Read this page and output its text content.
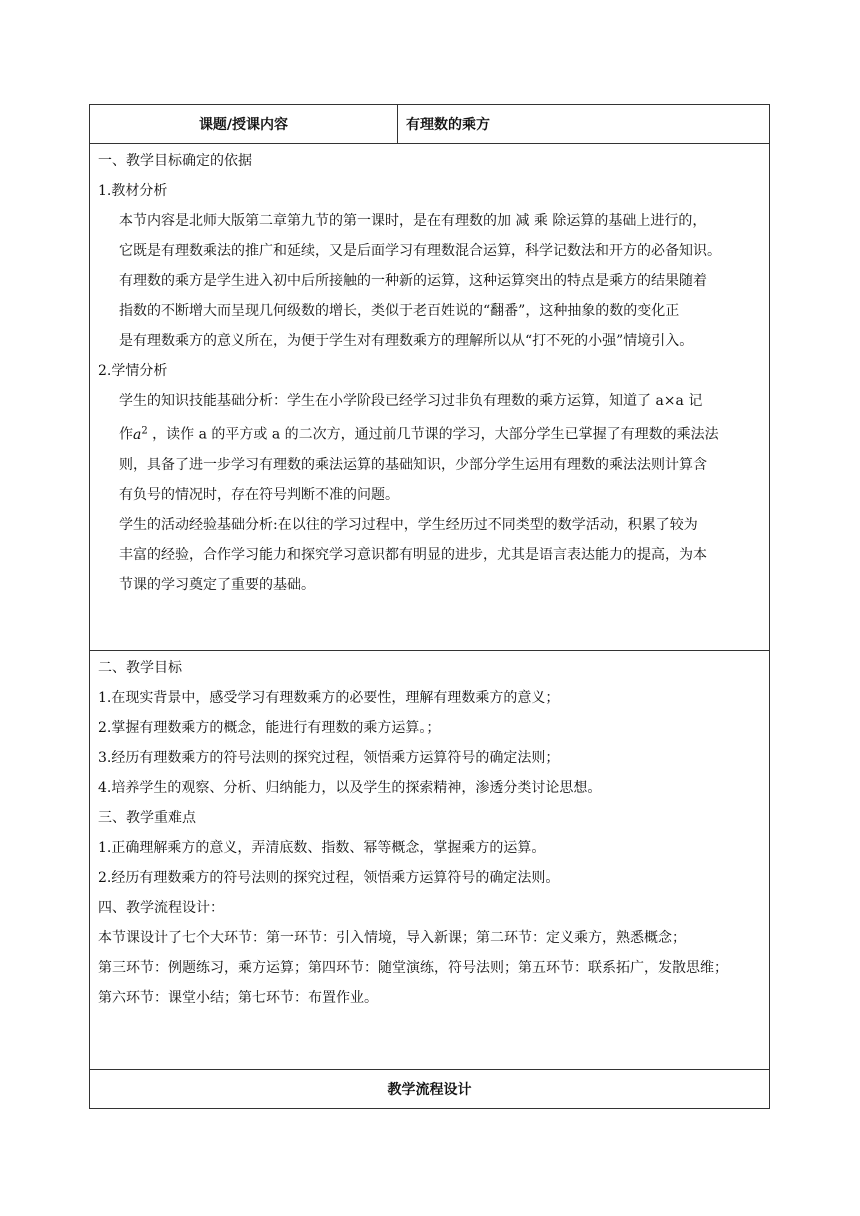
课题/授课内容	有理数的乘方

一、教学目标确定的依据
1.教材分析
本节内容是北师大版第二章第九节的第一课时，是在有理数的加 减 乘 除运算的基础上进行的，
它既是有理数乘法的推广和延续，又是后面学习有理数混合运算，科学记数法和开方的必备知识。
有理数的乘方是学生进入初中后所接触的一种新的运算，这种运算突出的特点是乘方的结果随着
指数的不断增大而呈现几何级数的增长，类似于老百姓说的“翻番”，这种抽象的数的变化正
是有理数乘方的意义所在，为便于学生对有理数乘方的理解所以从“打不死的小强”情境引入。
2.学情分析
学生的知识技能基础分析：学生在小学阶段已经学习过非负有理数的乘方运算，知道了 a×a 记
作$a^2$ ，读作 a 的平方或 a 的二次方，通过前几节课的学习，大部分学生已掌握了有理数的乘法法
则，具备了进一步学习有理数的乘法运算的基础知识，少部分学生运用有理数的乘法法则计算含
有负号的情况时，存在符号判断不准的问题。
学生的活动经验基础分析:在以往的学习过程中，学生经历过不同类型的数学活动，积累了较为
丰富的经验，合作学习能力和探究学习意识都有明显的进步，尤其是语言表达能力的提高，为本
节课的学习奠定了重要的基础。

二、教学目标
1.在现实背景中，感受学习有理数乘方的必要性，理解有理数乘方的意义；
2.掌握有理数乘方的概念，能进行有理数的乘方运算。；
3.经历有理数乘方的符号法则的探究过程，领悟乘方运算符号的确定法则；
4.培养学生的观察、分析、归纳能力，以及学生的探索精神，渗透分类讨论思想。
三、教学重难点
1.正确理解乘方的意义，弄清底数、指数、幂等概念，掌握乘方的运算。
2.经历有理数乘方的符号法则的探究过程，领悟乘方运算符号的确定法则。
四、教学流程设计：
本节课设计了七个大环节：第一环节：引入情境，导入新课；第二环节：定义乘方，熟悉概念；
第三环节：例题练习，乘方运算；第四环节：随堂演练，符号法则；第五环节：联系拓广，发散思维；
第六环节：课堂小结；第七环节：布置作业。

教学流程设计
